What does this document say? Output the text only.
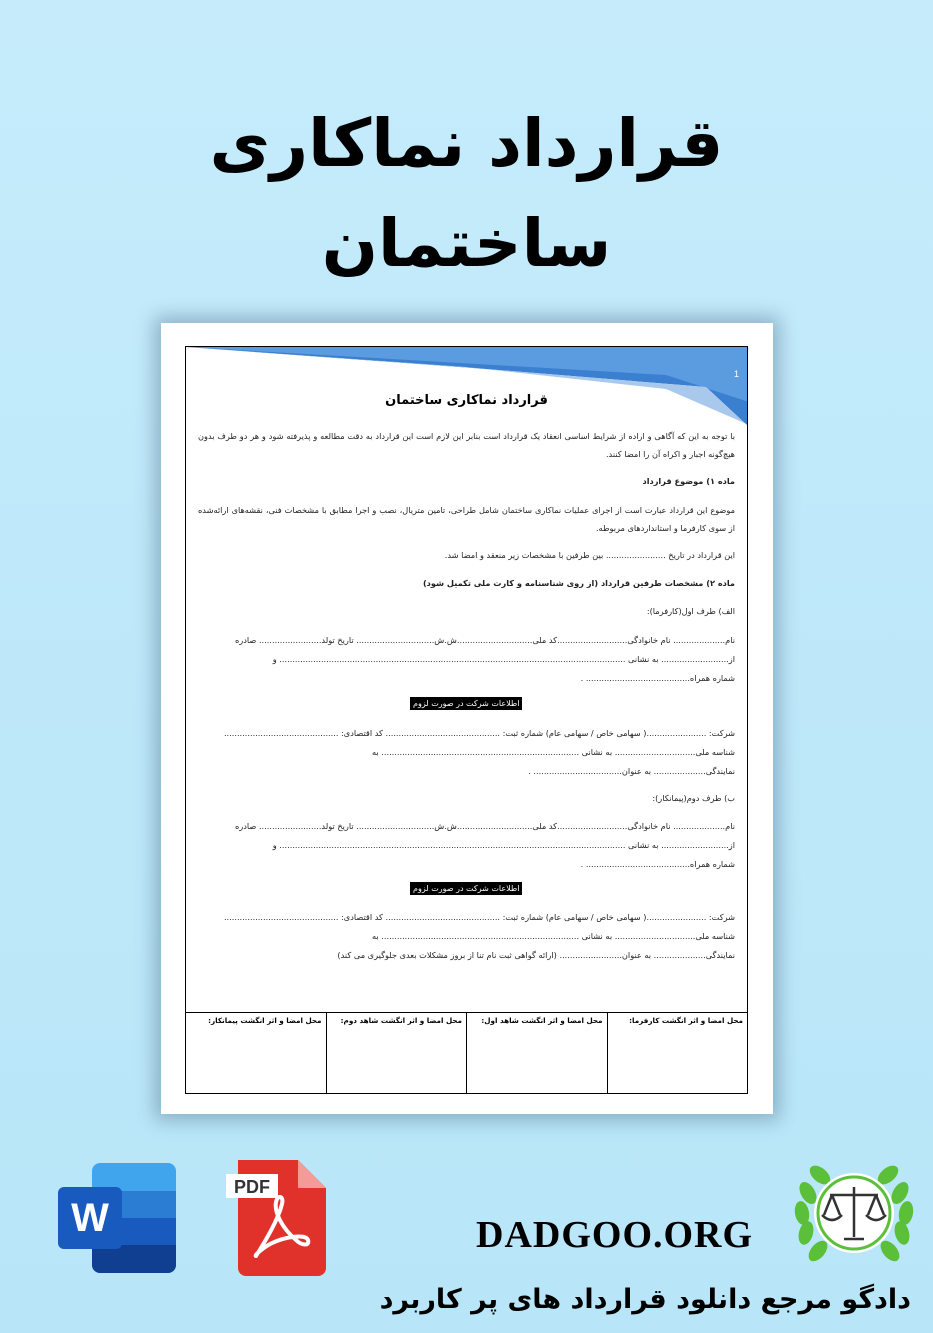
قرارداد نماکاری
ساختمان
1
قرارداد نماکاری ساختمان
با توجه به این که آگاهی و اراده از شرایط اساسی انعقاد یک قرارداد است بنابر این لازم است این قرارداد به دقت مطالعه و پذیرفته شود و هر دو طرف بدون هیچ‌گونه اجبار و اکراه آن را امضا کنند.
ماده ۱) موضوع قرارداد
موضوع این قرارداد عبارت است از اجرای عملیات نماکاری ساختمان شامل طراحی، تامین متریال، نصب و اجرا مطابق با مشخصات فنی، نقشه‌های ارائه‌شده از سوی کارفرما و استانداردهای مربوطه.
این قرارداد در تاریخ ....................... بین طرفین با مشخصات زیر منعقد و امضا شد.
ماده ۲) مشخصات طرفین قرارداد (از روی شناسنامه و کارت ملی تکمیل شود)
الف) طرف اول(کارفرما):
نام.................... نام خانوادگی...........................کد ملی.............................ش.ش.............................. تاریخ تولد........................ صادره
از.......................... به نشانی ..................................................................................................................................... و
شماره همراه........................................ .
اطلاعات شرکت در صورت لزوم
شرکت: .......................( سهامی خاص / سهامی عام) شماره ثبت: ............................................ کد اقتصادی: ............................................
شناسه ملی............................... به نشانی ............................................................................ به
نمایندگی.................... به عنوان.................................. .
ب) طرف دوم(پیمانکار):
نام.................... نام خانوادگی...........................کد ملی.............................ش.ش.............................. تاریخ تولد........................ صادره
از.......................... به نشانی ..................................................................................................................................... و
شماره همراه........................................ .
اطلاعات شرکت در صورت لزوم
شرکت: .......................( سهامی خاص / سهامی عام) شماره ثبت: ............................................ کد اقتصادی: ............................................
شناسه ملی............................... به نشانی ............................................................................ به
نمایندگی.................... به عنوان........................ (ارائه گواهی ثبت نام تنا از بروز مشکلات بعدی جلوگیری می کند)
محل امضا و اثر انگشت کارفرما:
محل امضا و اثر انگشت شاهد اول:
محل امضا و اثر انگشت شاهد دوم:
محل امضا و اثر انگشت پیمانکار:
W
PDF
DADGOO.ORG
دادگو مرجع دانلود قرارداد های پر کاربرد
